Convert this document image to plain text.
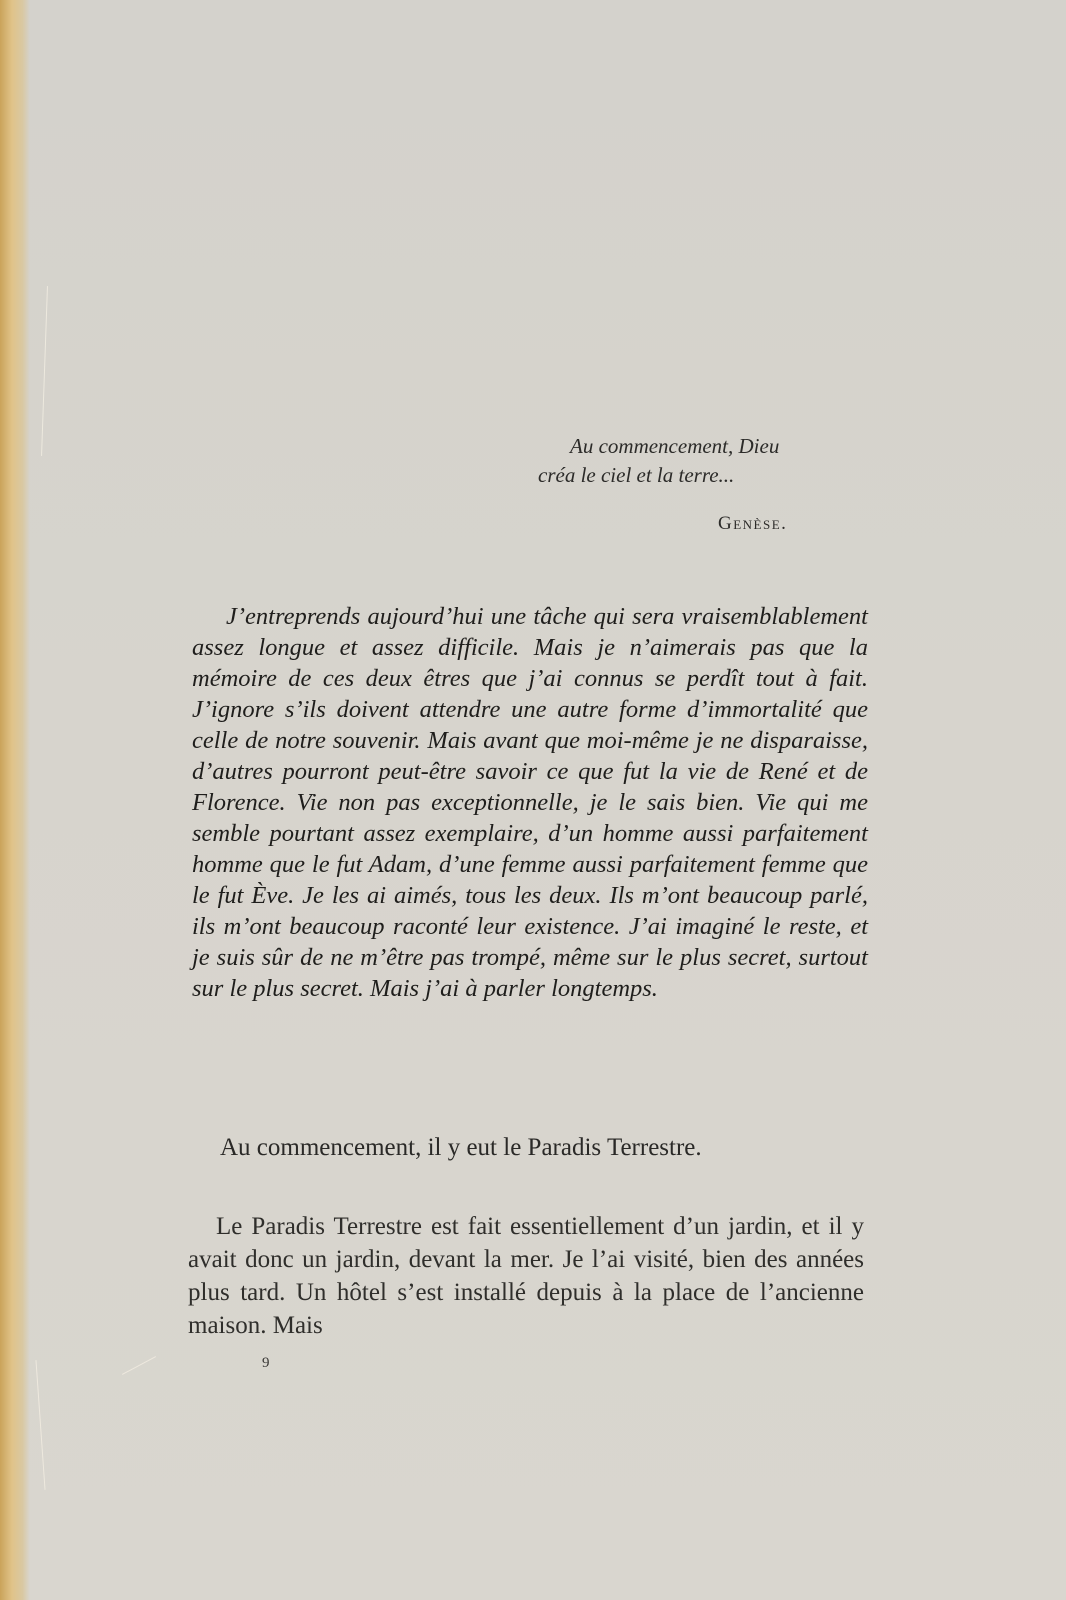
Au commencement, Dieu
créa le ciel et la terre...
Genèse.

J’entreprends aujourd’hui une tâche qui sera vraisemblablement assez longue et assez difficile. Mais je n’aimerais pas que la mémoire de ces deux êtres que j’ai connus se perdît tout à fait. J’ignore s’ils doivent attendre une autre forme d’immortalité que celle de notre souvenir. Mais avant que moi-même je ne disparaisse, d’autres pourront peut-être savoir ce que fut la vie de René et de Florence. Vie non pas exceptionnelle, je le sais bien. Vie qui me semble pourtant assez exemplaire, d’un homme aussi parfaitement homme que le fut Adam, d’une femme aussi parfaitement femme que le fut Ève. Je les ai aimés, tous les deux. Ils m’ont beaucoup parlé, ils m’ont beaucoup raconté leur existence. J’ai imaginé le reste, et je suis sûr de ne m’être pas trompé, même sur le plus secret, surtout sur le plus secret. Mais j’ai à parler longtemps.

Au commencement, il y eut le Paradis Terrestre.

Le Paradis Terrestre est fait essentiellement d’un jardin, et il y avait donc un jardin, devant la mer. Je l’ai visité, bien des années plus tard. Un hôtel s’est installé depuis à la place de l’ancienne maison. Mais

9
